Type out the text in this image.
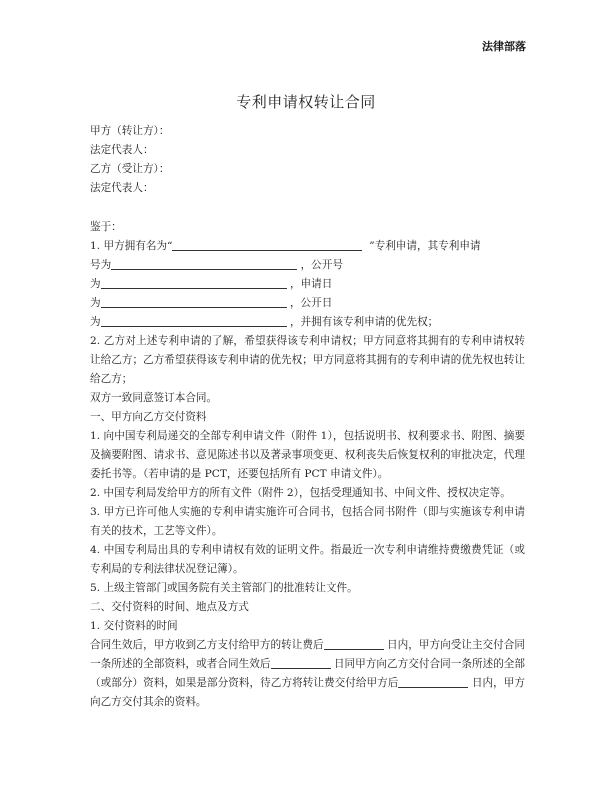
法律部落
专利申请权转让合同

甲方（转让方）：

法定代表人：

乙方（受让方）：

法定代表人：

鉴于：

1. 甲方拥有名为“	”专利申请，其专利申请

号为	，公开号

为	，申请日

为	，公开日

为	，并拥有该专利申请的优先权；

2. 乙方对上述专利申请的了解，希望获得该专利申请权；甲方同意将其拥有的专利申请权转让给乙方；乙方希望获得该专利申请的优先权；甲方同意将其拥有的专利申请的优先权也转让给乙方；

双方一致同意签订本合同。

一、甲方向乙方交付资料

1. 向中国专利局递交的全部专利申请文件（附件 1），包括说明书、权利要求书、附图、摘要及摘要附图、请求书、意见陈述书以及著录事项变更、权利丧失后恢复权利的审批决定，代理委托书等。（若申请的是 PCT，还要包括所有 PCT 申请文件）。

2. 中国专利局发给甲方的所有文件（附件 2），包括受理通知书、中间文件、授权决定等。

3. 甲方已许可他人实施的专利申请实施许可合同书，包括合同书附件（即与实施该专利申请有关的技术，工艺等文件）。

4. 中国专利局出具的专利申请权有效的证明文件。指最近一次专利申请维持费缴费凭证（或专利局的专利法律状况登记簿）。

5. 上级主管部门或国务院有关主管部门的批准转让文件。

二、交付资料的时间、地点及方式

1. 交付资料的时间

合同生效后，甲方收到乙方支付给甲方的转让费后	日内，甲方向受让主交付合同一条所述的全部资料，或者合同生效后	日同甲方向乙方交付合同一条所述的全部（或部分）资料，如果是部分资料，待乙方将转让费交付给甲方后	日内，甲方向乙方交付其余的资料。
